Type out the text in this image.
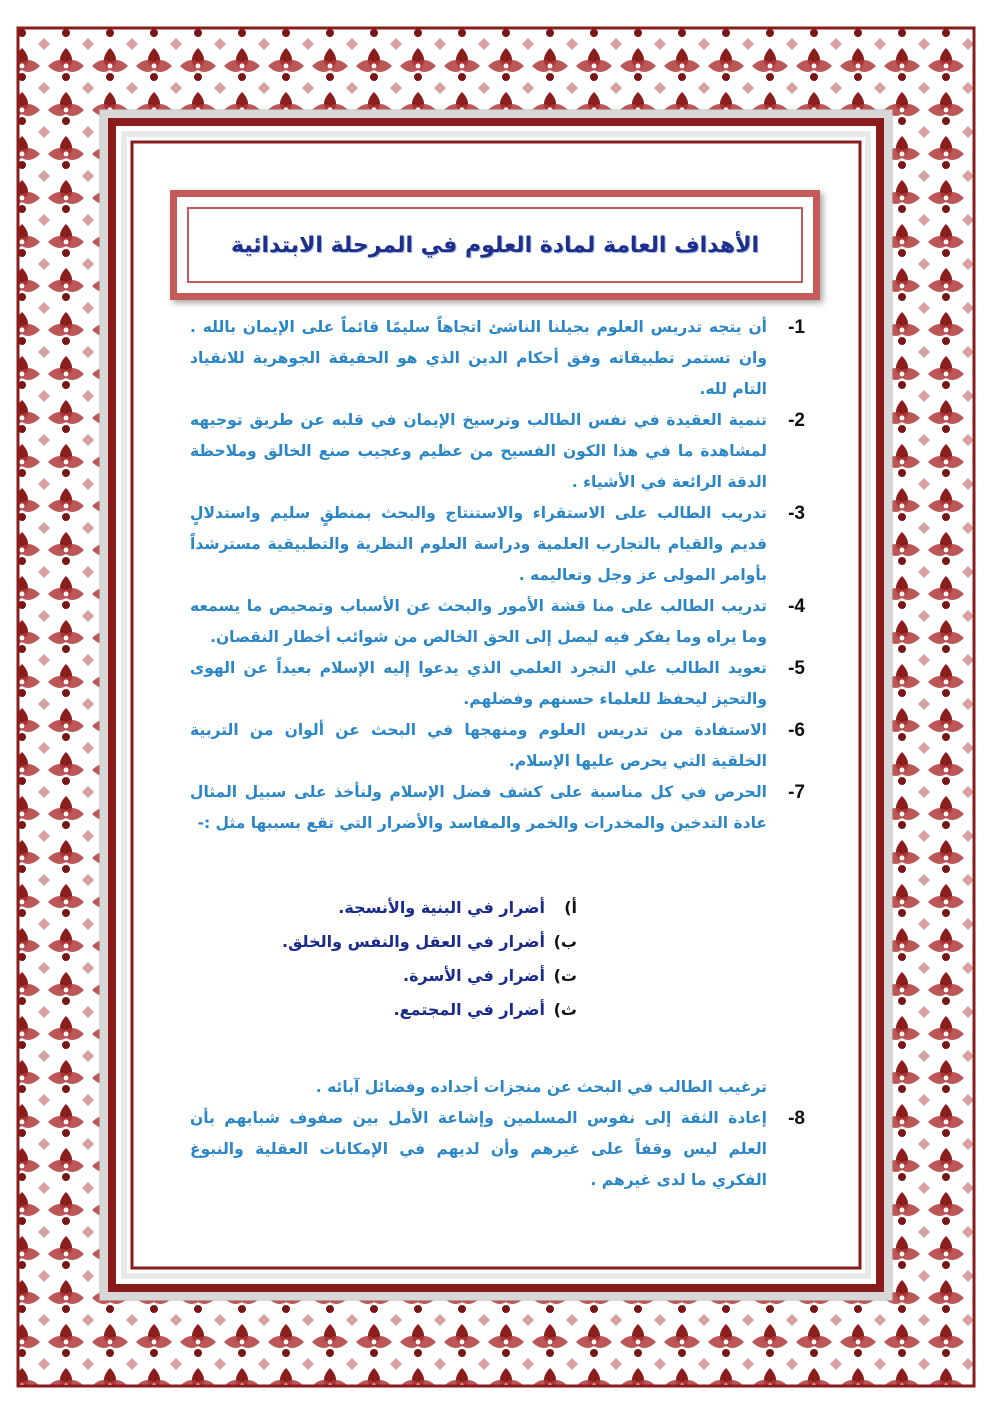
الأهداف العامة لمادة العلوم في المرحلة الابتدائية
-1
أن يتجه تدريس العلوم بجيلنا الناشئ اتجاهاً سليمًا قائماً على الإيمان بالله . وان تستمر تطبيقاته وفق أحكام الدين الذي هو الحقيقة الجوهرية للانقياد التام لله.
-2
تنمية العقيدة في نفس الطالب وترسيخ الإيمان في قلبه عن طريق توجيهه لمشاهدة ما في هذا الكون الفسيح من عظيم وعجيب صنع الخالق وملاحظة الدقة الرائعة في الأشياء .
-3
تدريب الطالب على الاستقراء والاستنتاج والبحث بمنطقٍ سليم واستدلالٍ قديم والقيام بالتجارب العلمية ودراسة العلوم النظرية والتطبيقية مسترشداً بأوامر المولى عز وجل وتعاليمه .
-4
تدريب الطالب على منا قشة الأمور والبحث عن الأسباب وتمحيص ما يسمعه وما يراه وما يفكر فيه ليصل إلى الحق الخالص من شوائب أخطار النقصان.
-5
تعويد الطالب علي التجرد العلمي الذي يدعوا إليه الإسلام بعيداً عن الهوى والتحيز ليحفظ للعلماء حسنهم وفضلهم.
-6
الاستفادة من تدريس العلوم ومنهجها في البحث عن ألوان من التربية الخلقية التي يحرص عليها الإسلام.
-7
الحرص في كل مناسبة على كشف فضل الإسلام ولنأخذ على سبيل المثال عادة التدخين والمخدرات والخمر والمفاسد والأضرار التي تقع بسببها مثل :-
أ)أضرار في البنية والأنسجة.
ب)أضرار في العقل والنفس والخلق.
ت)أضرار في الأسرة.
ث)أضرار في المجتمع.
ترغيب الطالب في البحث عن منجزات أجداده وفضائل آبائه .
-8
إعادة الثقة إلى نفوس المسلمين وإشاعة الأمل بين صفوف شبابهم بأن العلم ليس وقفاً على غيرهم وأن لديهم في الإمكانات العقلية والنبوغ الفكري ما لدى غيرهم .
